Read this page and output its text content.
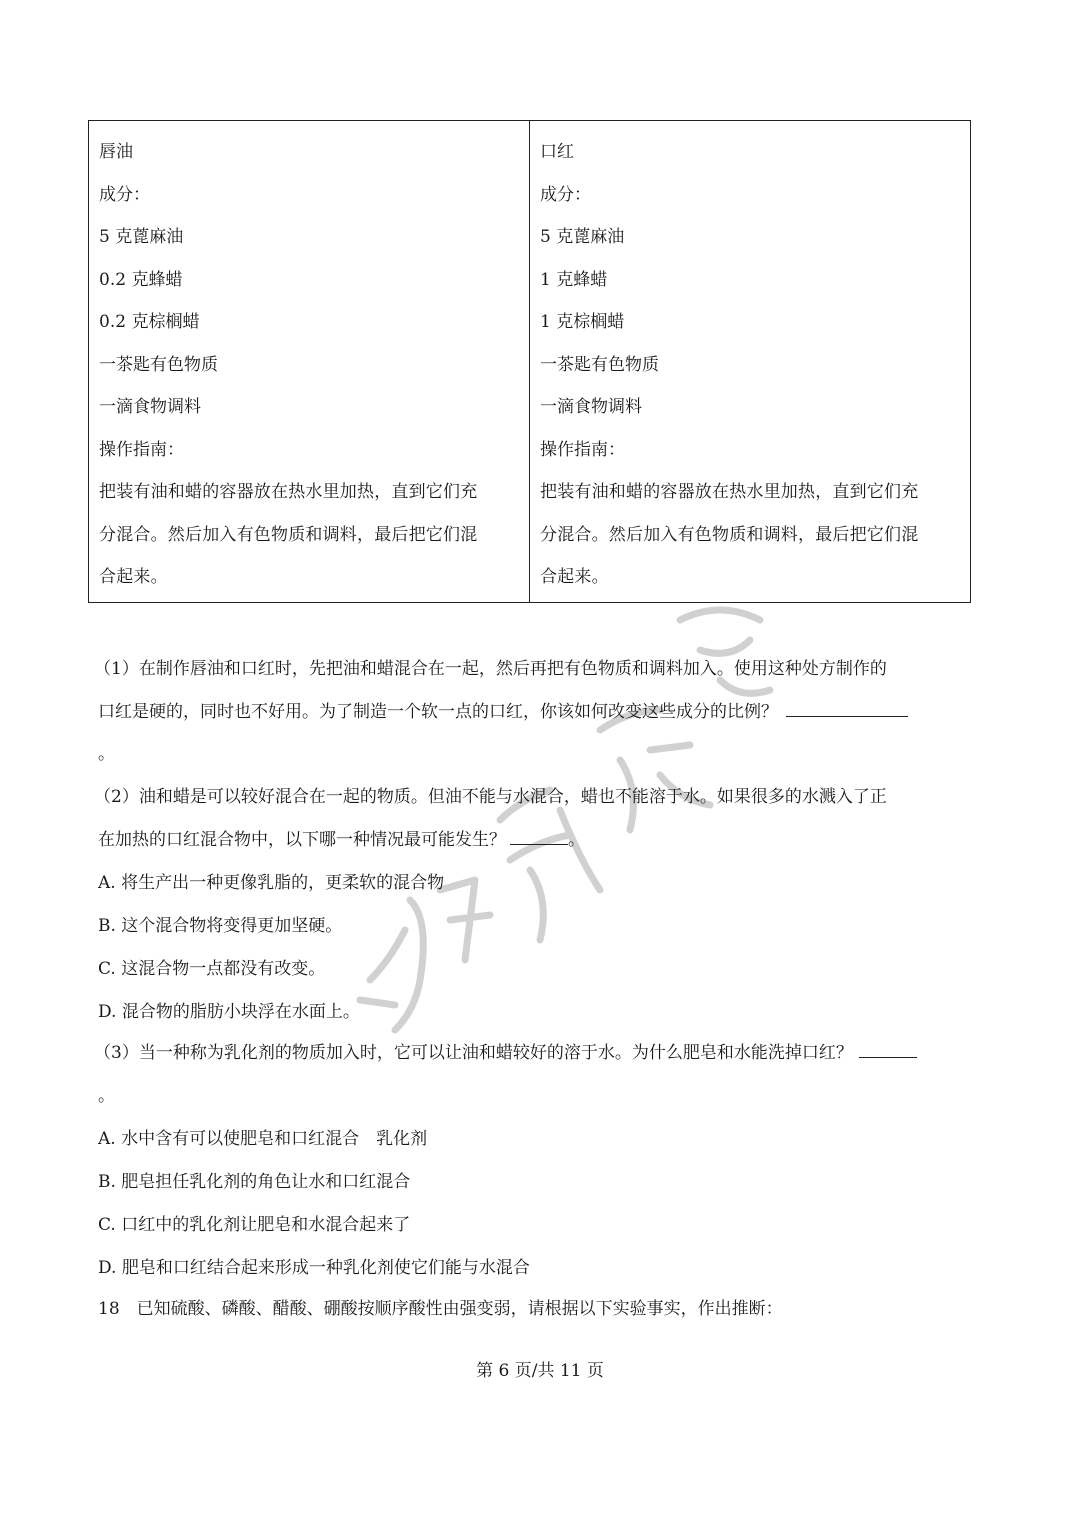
唇油
成分：
5 克蓖麻油
0.2 克蜂蜡
0.2 克棕榈蜡
一茶匙有色物质
一滴食物调料
操作指南：
把装有油和蜡的容器放在热水里加热，直到它们充
分混合。然后加入有色物质和调料，最后把它们混
合起来。
口红
成分：
5 克蓖麻油
1 克蜂蜡
1 克棕榈蜡
一茶匙有色物质
一滴食物调料
操作指南：
把装有油和蜡的容器放在热水里加热，直到它们充
分混合。然后加入有色物质和调料，最后把它们混
合起来。
（1）在制作唇油和口红时，先把油和蜡混合在一起，然后再把有色物质和调料加入。使用这种处方制作的
口红是硬的，同时也不好用。为了制造一个软一点的口红，你该如何改变这些成分的比例？
。
（2）油和蜡是可以较好混合在一起的物质。但油不能与水混合，蜡也不能溶于水。如果很多的水溅入了正
在加热的口红混合物中，以下哪一种情况最可能发生？	。
A. 将生产出一种更像乳脂的，更柔软的混合物
B. 这个混合物将变得更加坚硬。
C. 这混合物一点都没有改变。
D. 混合物的脂肪小块浮在水面上。
（3）当一种称为乳化剂的物质加入时，它可以让油和蜡较好的溶于水。为什么肥皂和水能洗掉口红？
。
A. 水中含有可以使肥皂和口红混合　乳化剂
B. 肥皂担任乳化剂的角色让水和口红混合
C. 口红中的乳化剂让肥皂和水混合起来了
D. 肥皂和口红结合起来形成一种乳化剂使它们能与水混合
18　已知硫酸、磷酸、醋酸、硼酸按顺序酸性由强变弱，请根据以下实验事实，作出推断：
第 6 页/共 11 页
